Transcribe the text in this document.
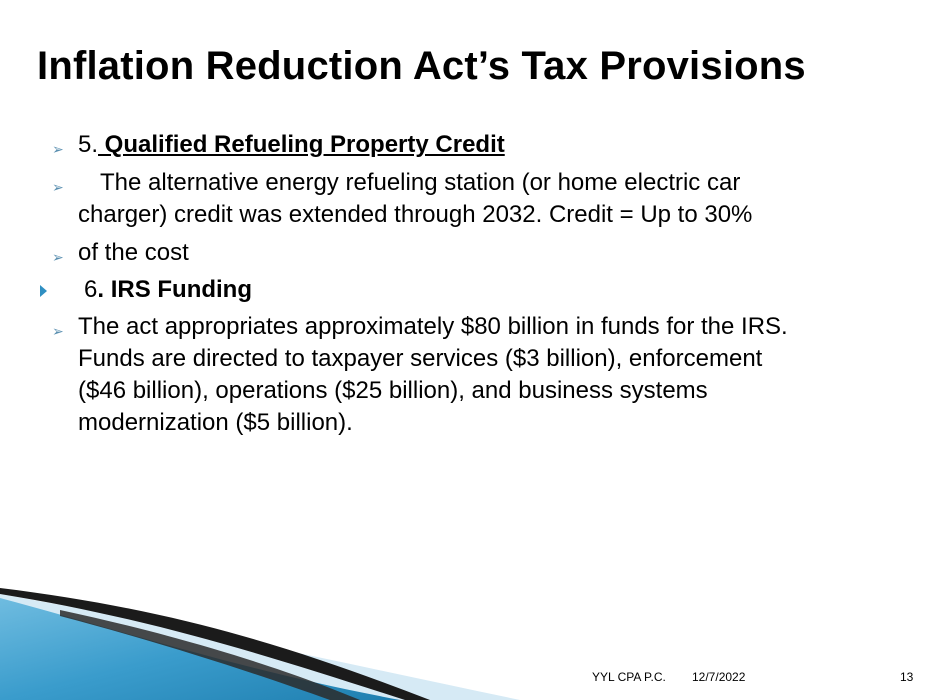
Inflation Reduction Act’s Tax Provisions
➢ 5. Qualified Refueling Property Credit
➢	The alternative energy refueling station (or home electric car
charger) credit was extended through 2032. Credit = Up to 30%
➢ of the cost
6. IRS Funding
➢ The act appropriates approximately $80 billion in funds for the IRS.
Funds are directed to taxpayer services ($3 billion), enforcement
($46 billion), operations ($25 billion), and business systems
modernization ($5 billion).
YYL CPA P.C. 12/7/2022	13
